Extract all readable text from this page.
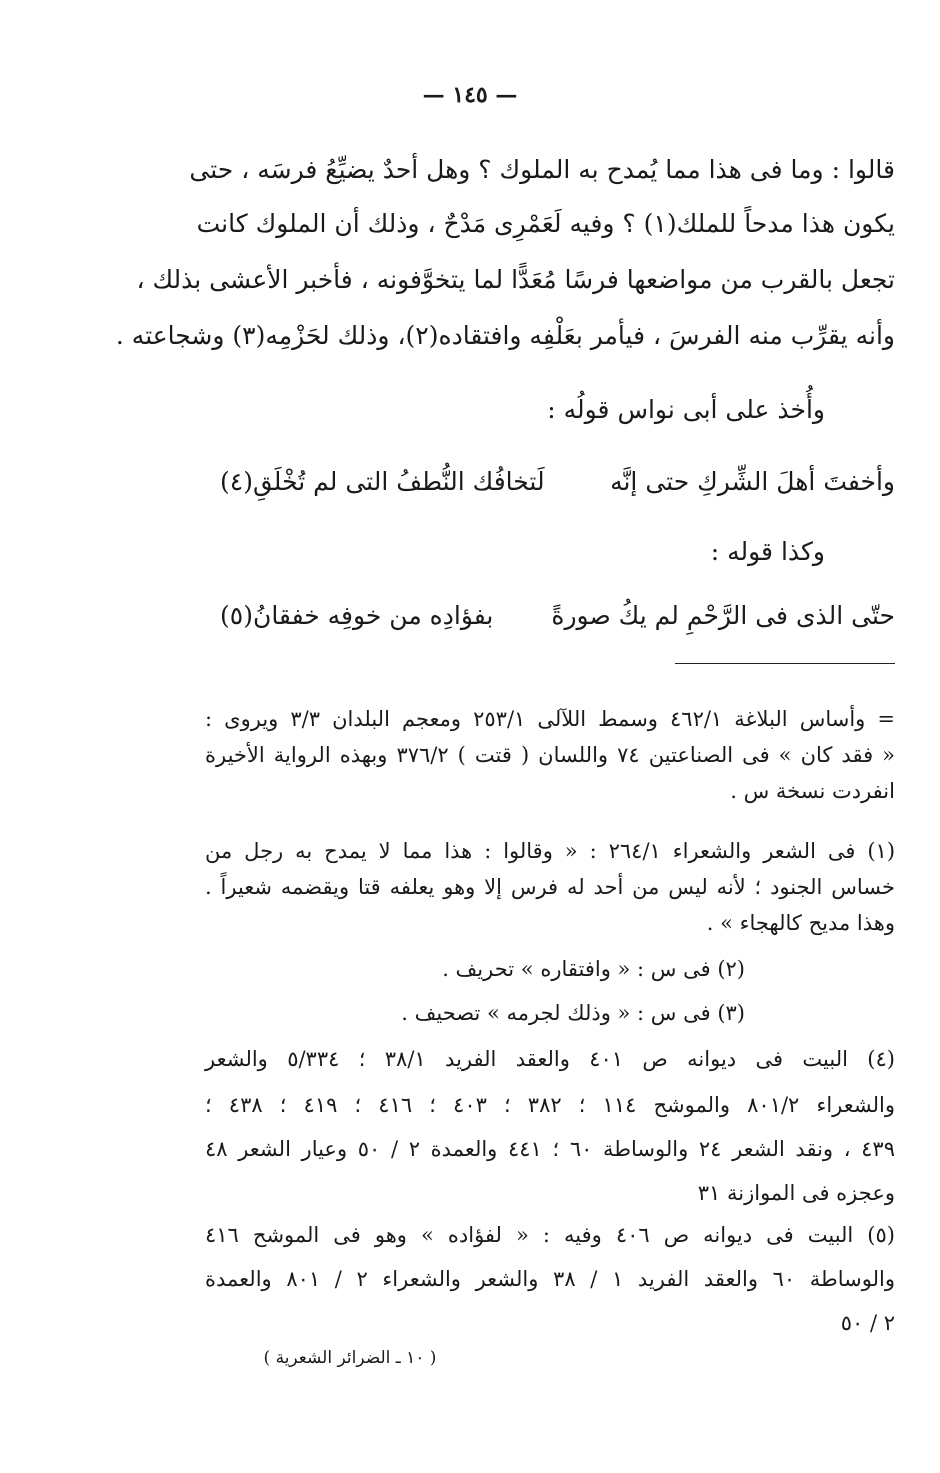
— ١٤٥ —
قالوا : وما فى هذا مما يُمدح به الملوك ؟ وهل أحدٌ يضيِّعُ فرسَه ، حتى
يكون هذا مدحاً للملك(١) ؟ وفيه لَعَمْرِى مَدْحٌ ، وذلك أن الملوك كانت
تجعل بالقرب من مواضعها فرسًا مُعَدًّا لما يتخوَّفونه ، فأخبر الأعشى بذلك ،
وأنه يقرِّب منه الفرسَ ، فيأمر بعَلْفِه وافتقاده(٢)، وذلك لحَزْمِه(٣) وشجاعته .
وأُخذ على أبى نواس قولُه :
وأخفتَ أهلَ الشِّركِ حتى إنَّه
لَتخافُك النُّطفُ التى لم تُخْلَقِ(٤)
وكذا قوله :
حتّى الذى فى الرَّحْمِ لم يكُ صورةً
بفؤادِه من خوفِه خفقانُ(٥)
= وأساس البلاغة ٤٦٢/١ وسمط اللآلى ٢٥٣/١ ومعجم البلدان ٣/٣ ويروى :
« فقد كان » فى الصناعتين ٧٤ واللسان ( قتت ) ٣٧٦/٢ وبهذه الرواية الأخيرة
انفردت نسخة س .
(١) فى الشعر والشعراء ٢٦٤/١ : « وقالوا : هذا مما لا يمدح به رجل من
خساس الجنود ؛ لأنه ليس من أحد له فرس إلا وهو يعلفه قتا ويقضمه شعيراً .
وهذا مديح كالهجاء » .
(٢) فى س : « وافتقاره » تحريف .
(٣) فى س : « وذلك لجرمه » تصحيف .
(٤) البيت فى ديوانه ص ٤٠١ والعقد الفريد ٣٨/١ ؛ ٥/٣٣٤ والشعر
والشعراء ٨٠١/٢ والموشح ١١٤ ؛ ٣٨٢ ؛ ٤٠٣ ؛ ٤١٦ ؛ ٤١٩ ؛ ٤٣٨ ؛
٤٣٩ ، ونقد الشعر ٢٤ والوساطة ٦٠ ؛ ٤٤١ والعمدة ٢ / ٥٠ وعيار الشعر ٤٨
وعجزه فى الموازنة ٣١
(٥) البيت فى ديوانه ص ٤٠٦ وفيه : « لفؤاده » وهو فى الموشح ٤١٦
والوساطة ٦٠ والعقد الفريد ١ / ٣٨ والشعر والشعراء ٢ / ٨٠١ والعمدة
٢ / ٥٠
( ١٠ ـ الضرائر الشعرية )
